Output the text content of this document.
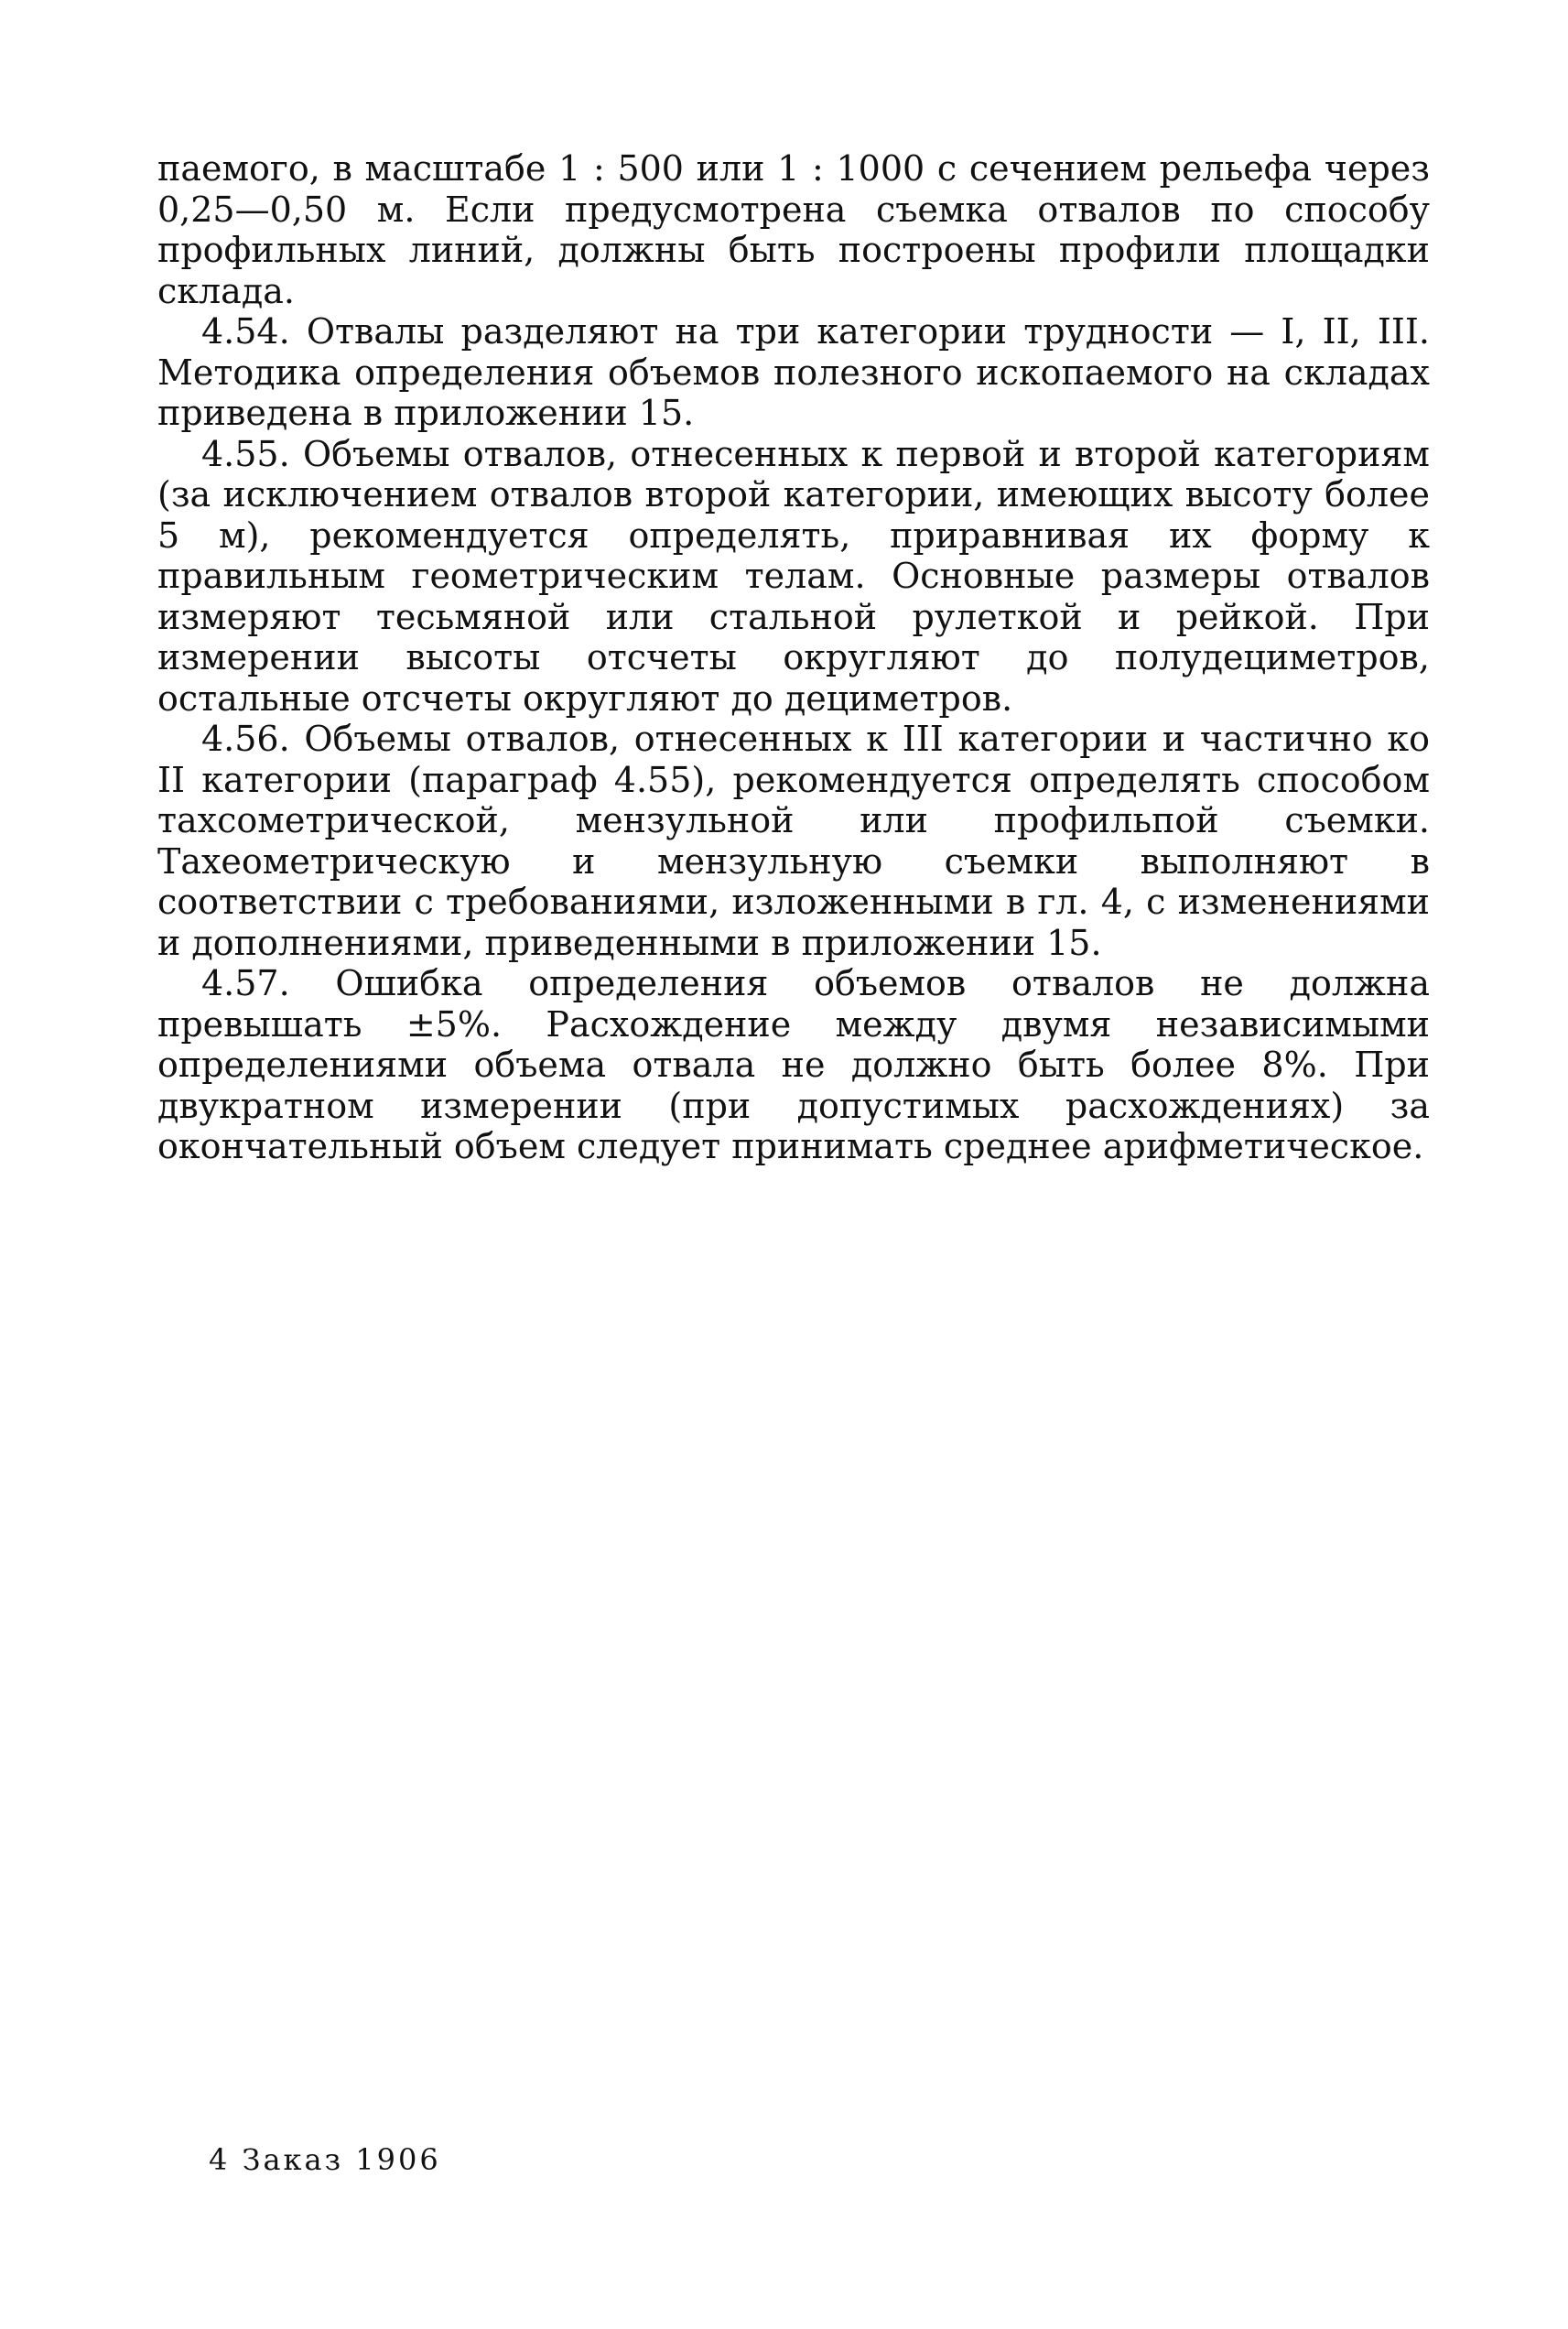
паемого, в масштабе 1 : 500 или 1 : 1000 с сечением рельефа через 0,25—0,50 м. Если предусмотрена съемка отвалов по способу профильных линий, должны быть построены профили площадки склада.

4.54. Отвалы разделяют на три категории трудности — I, II, III. Методика определения объемов полезного ископаемого на складах приведена в приложении 15.

4.55. Объемы отвалов, отнесенных к первой и второй категориям (за исключением отвалов второй категории, имеющих высоту более 5 м), рекомендуется определять, приравнивая их форму к правильным геометрическим телам. Основные размеры отвалов измеряют тесьмяной или стальной рулеткой и рейкой. При измерении высоты отсчеты округляют до полудециметров, остальные отсчеты округляют до дециметров.

4.56. Объемы отвалов, отнесенных к III категории и частично ко II категории (параграф 4.55), рекомендуется определять способом тахсометрической, мензульной или профильпой съемки. Тахеометрическую и мензульную съемки выполняют в соответствии с требованиями, изложенными в гл. 4, с изменениями и дополнениями, приведенными в приложении 15.

4.57. Ошибка определения объемов отвалов не должна превышать ±5%. Расхождение между двумя независимыми определениями объема отвала не должно быть более 8%. При двукратном измерении (при допустимых расхождениях) за окончательный объем следует принимать среднее арифметическое.

4 Заказ 1906
